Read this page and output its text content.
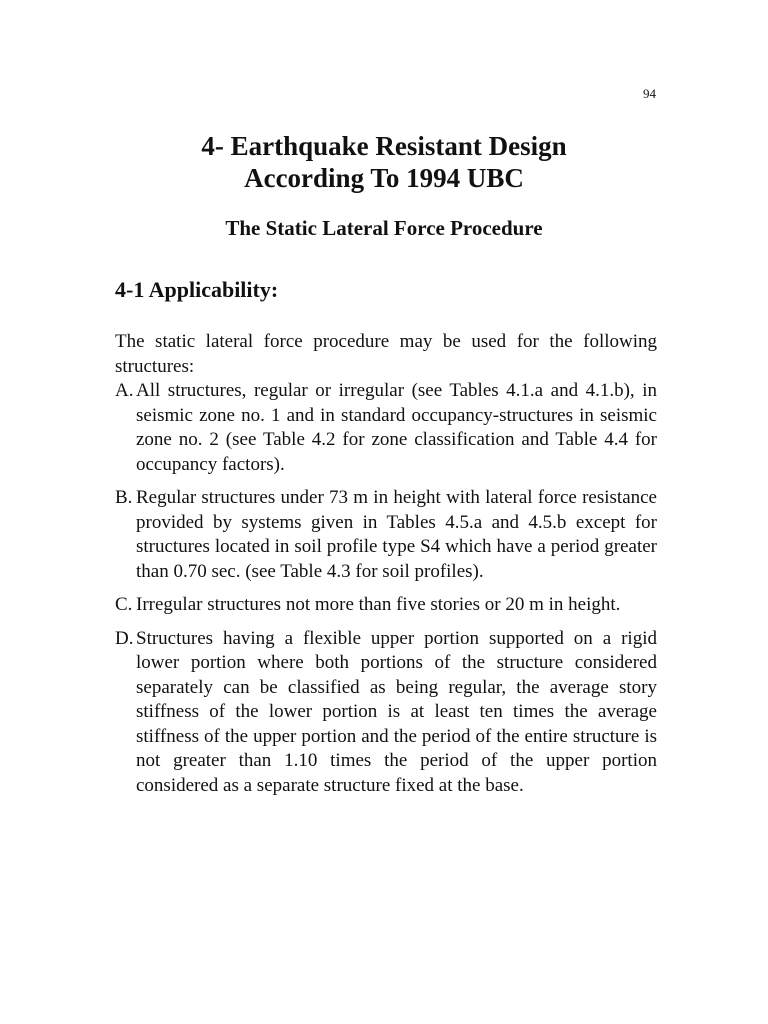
94
4- Earthquake Resistant Design
According To 1994 UBC
The Static Lateral Force Procedure
4-1 Applicability:

The static lateral force procedure may be used for the following structures:

A. All structures, regular or irregular (see Tables 4.1.a and 4.1.b), in seismic zone no. 1 and in standard occupancy-structures in seismic zone no. 2 (see Table 4.2 for zone classification and Table 4.4 for occupancy factors).
B. Regular structures under 73 m in height with lateral force resistance provided by systems given in Tables 4.5.a and 4.5.b except for structures located in soil profile type S4 which have a period greater than 0.70 sec. (see Table 4.3 for soil profiles).
C. Irregular structures not more than five stories or 20 m in height.
D. Structures having a flexible upper portion supported on a rigid lower portion where both portions of the structure considered separately can be classified as being regular, the average story stiffness of the lower portion is at least ten times the average stiffness of the upper portion and the period of the entire structure is not greater than 1.10 times the period of the upper portion considered as a separate structure fixed at the base.
